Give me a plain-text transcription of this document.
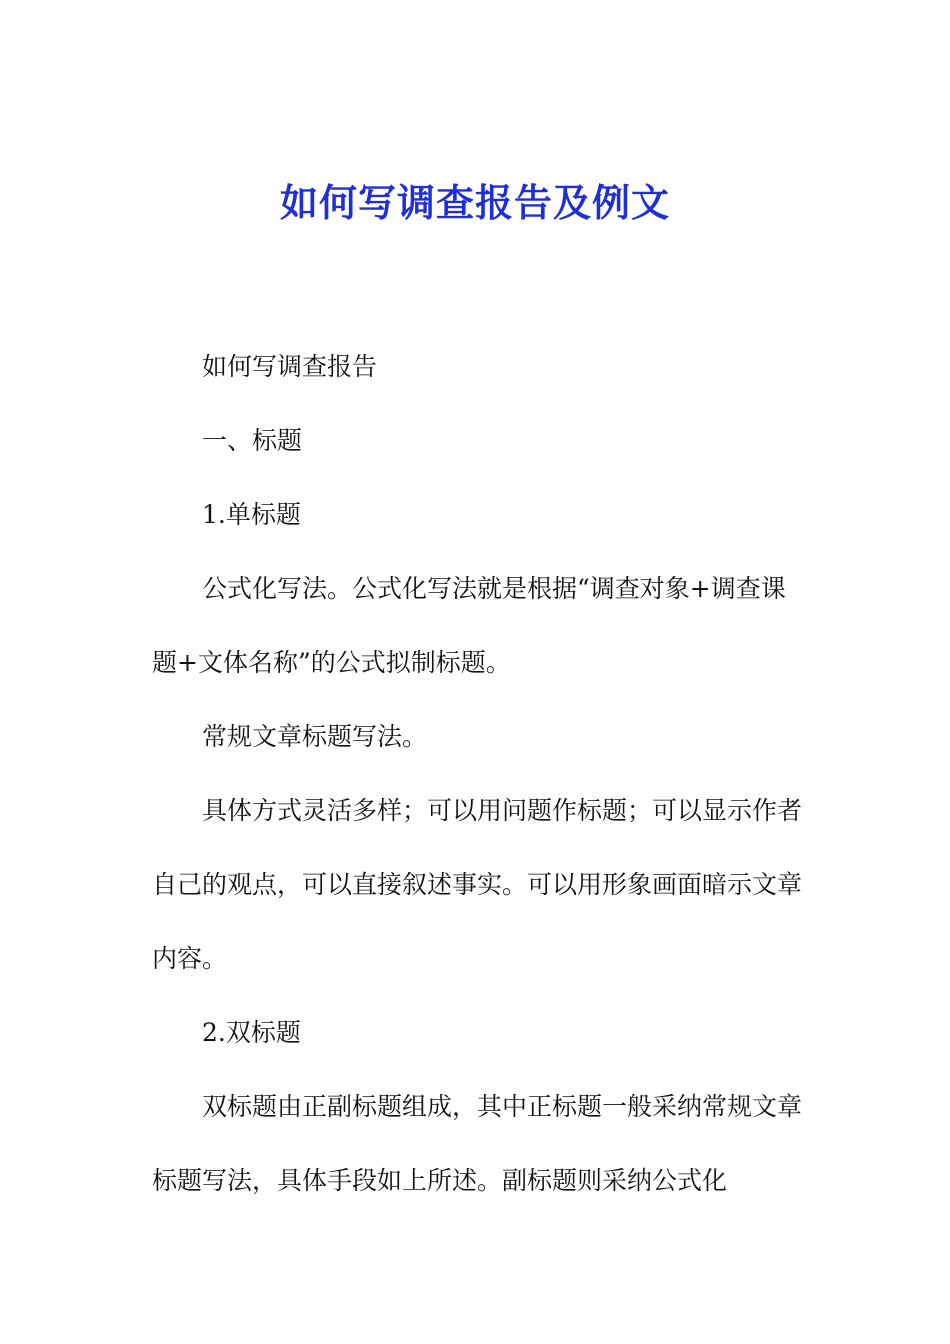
如何写调查报告及例文

如何写调查报告

一、标题

1.单标题

公式化写法。公式化写法就是根据“调查对象+调查课题+文体名称”的公式拟制标题。

常规文章标题写法。

具体方式灵活多样；可以用问题作标题；可以显示作者自己的观点，可以直接叙述事实。可以用形象画面暗示文章内容。

2.双标题

双标题由正副标题组成，其中正标题一般采纳常规文章标题写法，具体手段如上所述。副标题则采纳公式化
